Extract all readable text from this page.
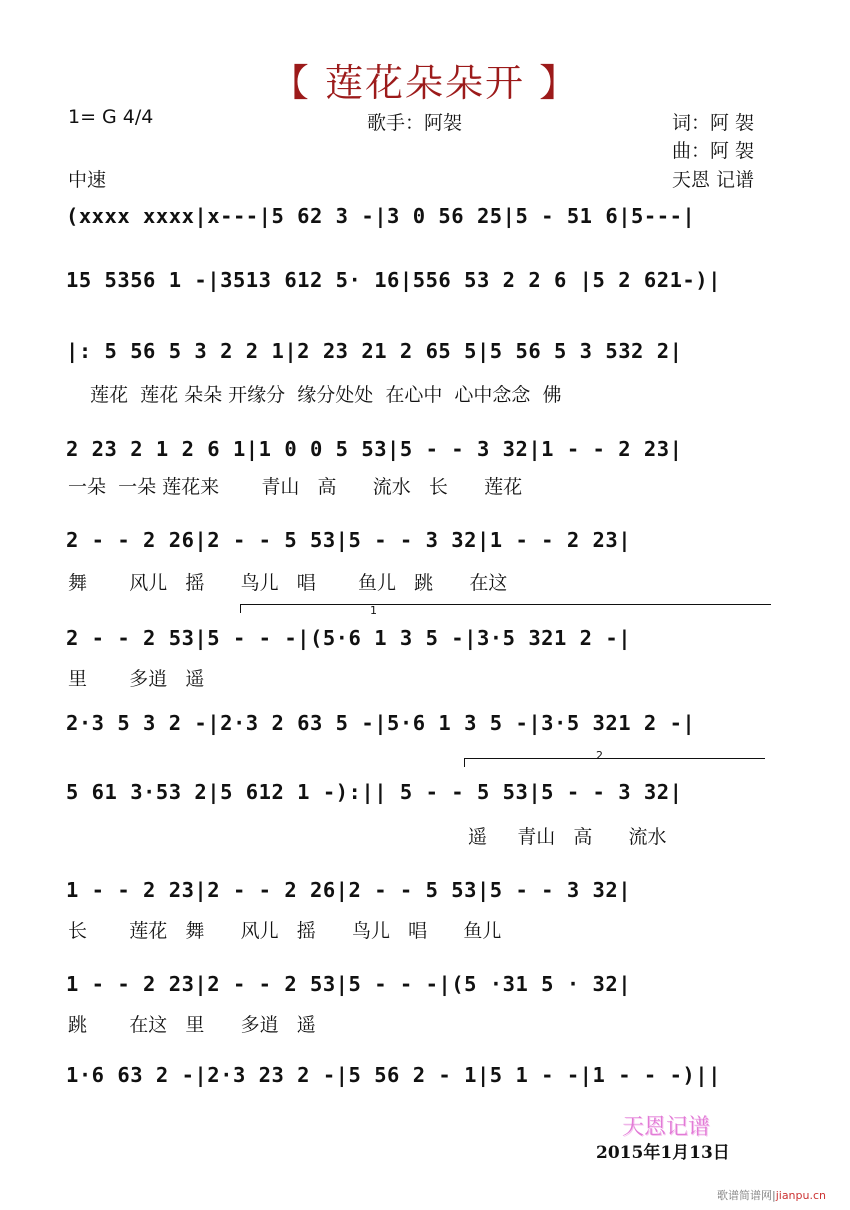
【 莲花朵朵开 】
1= G 4/4	歌手：阿袈	词：阿 袈
曲：阿 袈
中速	天恩 记谱
(xxxx xxxx|x---|5 62 3 -|3 0 56 25|5 - 51 6|5---|
15 5356 1 -|3513 612 5· 16|556 53 2 2 6 |5 2 621-)|
|: 5 56 5 3 2 2 1|2 23 21 2 65 5|5 56 5 3 532 2|
2 23 2 1 2 6 1|1 0 0 5 53|5 - - 3 32|1 - - 2 23|
2 - - 2 26|2 - - 5 53|5 - - 3 32|1 - - 2 23|
2 - - 2 53|5 - - -|(5·6 1 3 5 -|3·5 321 2 -|
2·3 5 3 2 -|2·3 2 63 5 -|5·6 1 3 5 -|3·5 321 2 -|
5 61 3·53 2|5 612 1 -):|| 5 - - 5 53|5 - - 3 32|
1 - - 2 23|2 - - 2 26|2 - - 5 53|5 - - 3 32|
1 - - 2 23|2 - - 2 53|5 - - -|(5 ·31 5 · 32|
1·6 63 2 -|2·3 23 2 -|5 56 2 - 1|5 1 - -|1 - - -)||
1
2
莲花  莲花 朵朵 开缘分  缘分处处  在心中  心中念念  佛
一朵  一朵 莲花来       青山   高      流水   长      莲花
舞       风儿   摇      鸟儿   唱       鱼儿   跳      在这
里       多逍   遥
遥     青山   高      流水
长       莲花   舞      风儿   摇      鸟儿   唱      鱼儿
跳       在这   里      多逍   遥
天恩记谱
2015年1月13日
歌谱简谱网|jianpu.cn
